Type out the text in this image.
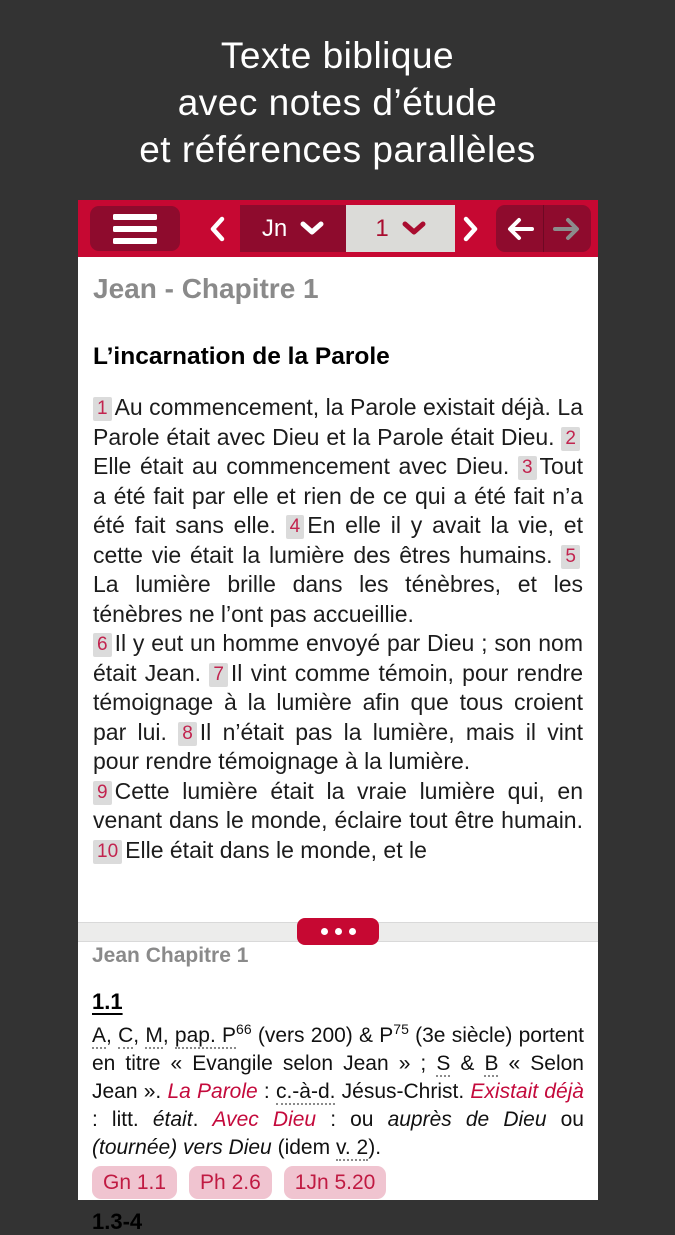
Texte biblique
avec notes d’étude
et références parallèles
Jn	1
Jean - Chapitre 1
L’incarnation de la Parole

1 Au commencement, la Parole existait déjà. La Parole était avec Dieu et la Parole était Dieu. 2Elle était au commencement avec Dieu. 3 Tout a été fait par elle et rien de ce qui a été fait n’a été fait sans elle. 4 En elle il y avait la vie, et cette vie était la lumière des êtres humains. 5La lumière brille dans les ténèbres, et les ténèbres ne l’ont pas accueillie.

6 Il y eut un homme envoyé par Dieu ; son nom était Jean. 7 Il vint comme témoin, pour rendre témoignage à la lumière afin que tous croient par lui. 8 Il n’était pas la lumière, mais il vint pour rendre témoignage à la lumière.

9 Cette lumière était la vraie lumière qui, en venant dans le monde, éclaire tout être humain. 10 Elle était dans le monde, et le

Jean Chapitre 1
1.1
A, C, M, pap. $P^{66}$ (vers 200) & $P^{75}$ (3e siècle) portent en titre « Evangile selon Jean » ; S & B « Selon Jean ». La Parole : c.-à-d. Jésus-Christ. Existait déjà : litt. était. Avec Dieu : ou auprès de Dieu ou (tournée) vers Dieu (idem v. 2).
Gn 1.1	Ph 2.6	1Jn 5.20
1.3-4
